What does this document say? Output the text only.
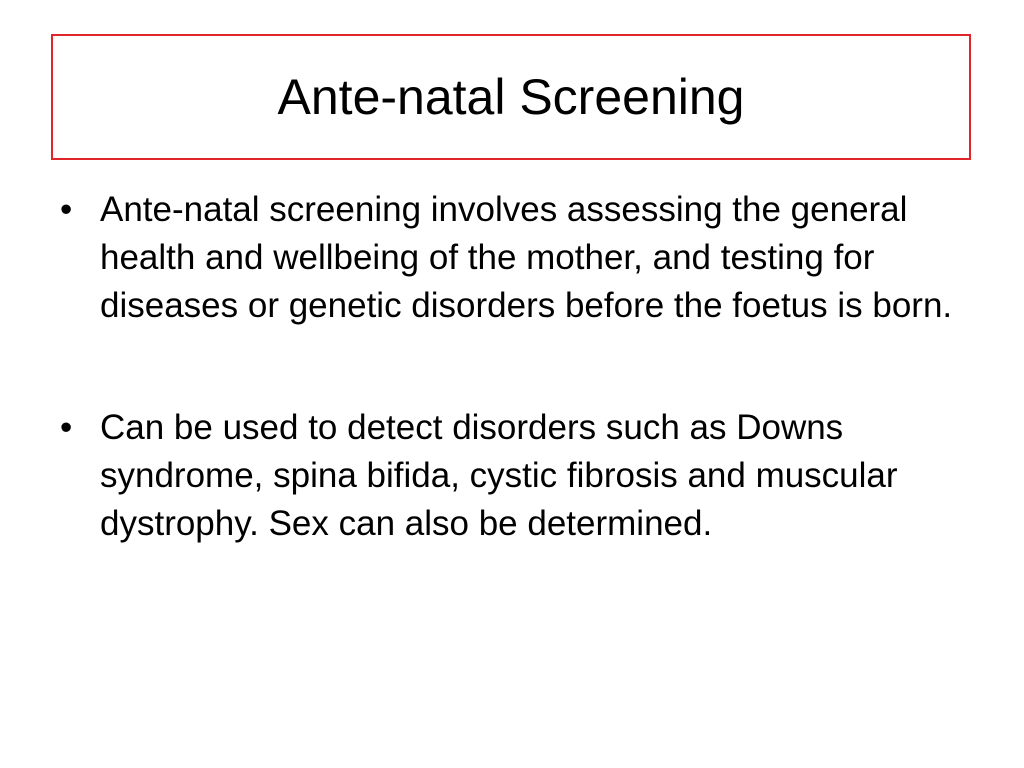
Ante-natal Screening
• Ante-natal screening involves assessing the general health and wellbeing of the mother, and testing for diseases or genetic disorders before the foetus is born.
• Can be used to detect disorders such as Downs syndrome, spina bifida, cystic fibrosis and muscular dystrophy. Sex can also be determined.
